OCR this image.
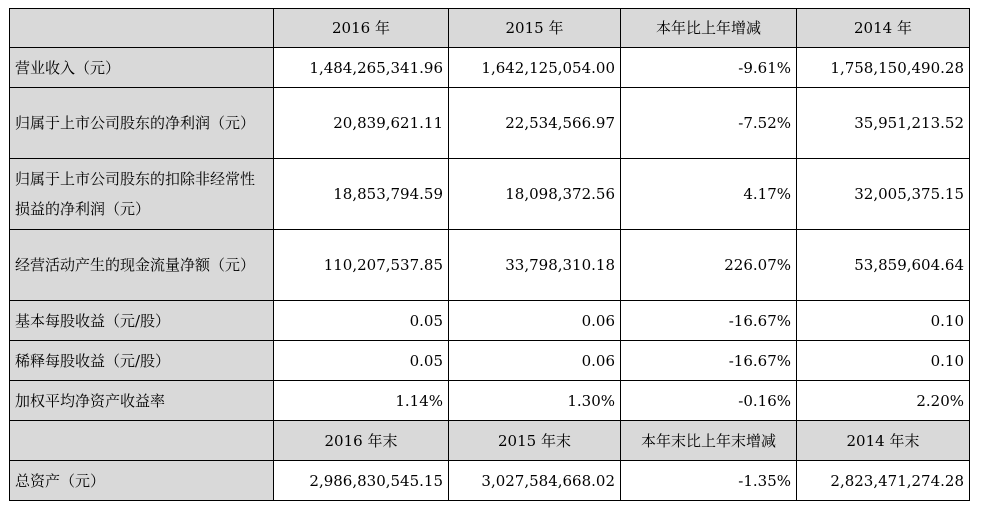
	2016 年	2015 年	本年比上年增减	2014 年
营业收入（元）	1,484,265,341.96	1,642,125,054.00	-9.61%	1,758,150,490.28
归属于上市公司股东的净利润（元）	20,839,621.11	22,534,566.97	-7.52%	35,951,213.52
归属于上市公司股东的扣除非经常性损益的净利润（元）	18,853,794.59	18,098,372.56	4.17%	32,005,375.15
经营活动产生的现金流量净额（元）	110,207,537.85	33,798,310.18	226.07%	53,859,604.64
基本每股收益（元/股）	0.05	0.06	-16.67%	0.10
稀释每股收益（元/股）	0.05	0.06	-16.67%	0.10
加权平均净资产收益率	1.14%	1.30%	-0.16%	2.20%
	2016 年末	2015 年末	本年末比上年末增减	2014 年末
总资产（元）	2,986,830,545.15	3,027,584,668.02	-1.35%	2,823,471,274.28
